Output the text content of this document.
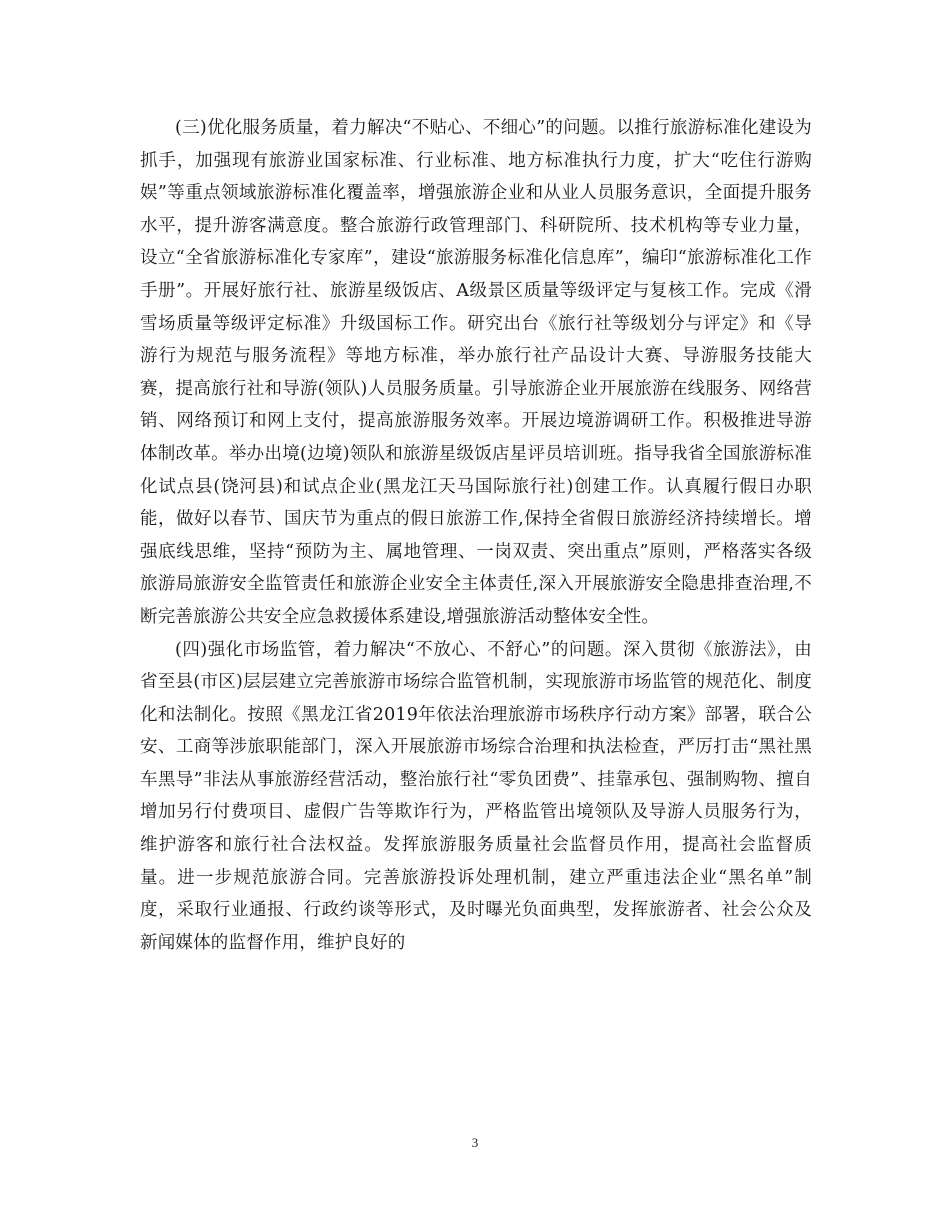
(三)优化服务质量，着力解决“不贴心、不细心”的问题。以推行旅游标准化建设为抓手，加强现有旅游业国家标准、行业标准、地方标准执行力度，扩大“吃住行游购娱”等重点领域旅游标准化覆盖率，增强旅游企业和从业人员服务意识，全面提升服务水平，提升游客满意度。整合旅游行政管理部门、科研院所、技术机构等专业力量，设立“全省旅游标准化专家库”，建设“旅游服务标准化信息库”，编印“旅游标准化工作手册”。开展好旅行社、旅游星级饭店、A级景区质量等级评定与复核工作。完成《滑雪场质量等级评定标准》升级国标工作。研究出台《旅行社等级划分与评定》和《导游行为规范与服务流程》等地方标准，举办旅行社产品设计大赛、导游服务技能大赛，提高旅行社和导游(领队)人员服务质量。引导旅游企业开展旅游在线服务、网络营销、网络预订和网上支付，提高旅游服务效率。开展边境游调研工作。积极推进导游体制改革。举办出境(边境)领队和旅游星级饭店星评员培训班。指导我省全国旅游标准化试点县(饶河县)和试点企业(黑龙江天马国际旅行社)创建工作。认真履行假日办职能，做好以春节、国庆节为重点的假日旅游工作,保持全省假日旅游经济持续增长。增强底线思维，坚持“预防为主、属地管理、一岗双责、突出重点”原则，严格落实各级旅游局旅游安全监管责任和旅游企业安全主体责任,深入开展旅游安全隐患排查治理,不断完善旅游公共安全应急救援体系建设,增强旅游活动整体安全性。

(四)强化市场监管，着力解决“不放心、不舒心”的问题。深入贯彻《旅游法》，由省至县(市区)层层建立完善旅游市场综合监管机制，实现旅游市场监管的规范化、制度化和法制化。按照《黑龙江省2019年依法治理旅游市场秩序行动方案》部署，联合公安、工商等涉旅职能部门，深入开展旅游市场综合治理和执法检查，严厉打击“黑社黑车黑导”非法从事旅游经营活动，整治旅行社“零负团费”、挂靠承包、强制购物、擅自增加另行付费项目、虚假广告等欺诈行为，严格监管出境领队及导游人员服务行为，维护游客和旅行社合法权益。发挥旅游服务质量社会监督员作用，提高社会监督质量。进一步规范旅游合同。完善旅游投诉处理机制，建立严重违法企业“黑名单”制度，采取行业通报、行政约谈等形式，及时曝光负面典型，发挥旅游者、社会公众及新闻媒体的监督作用，维护良好的

3
